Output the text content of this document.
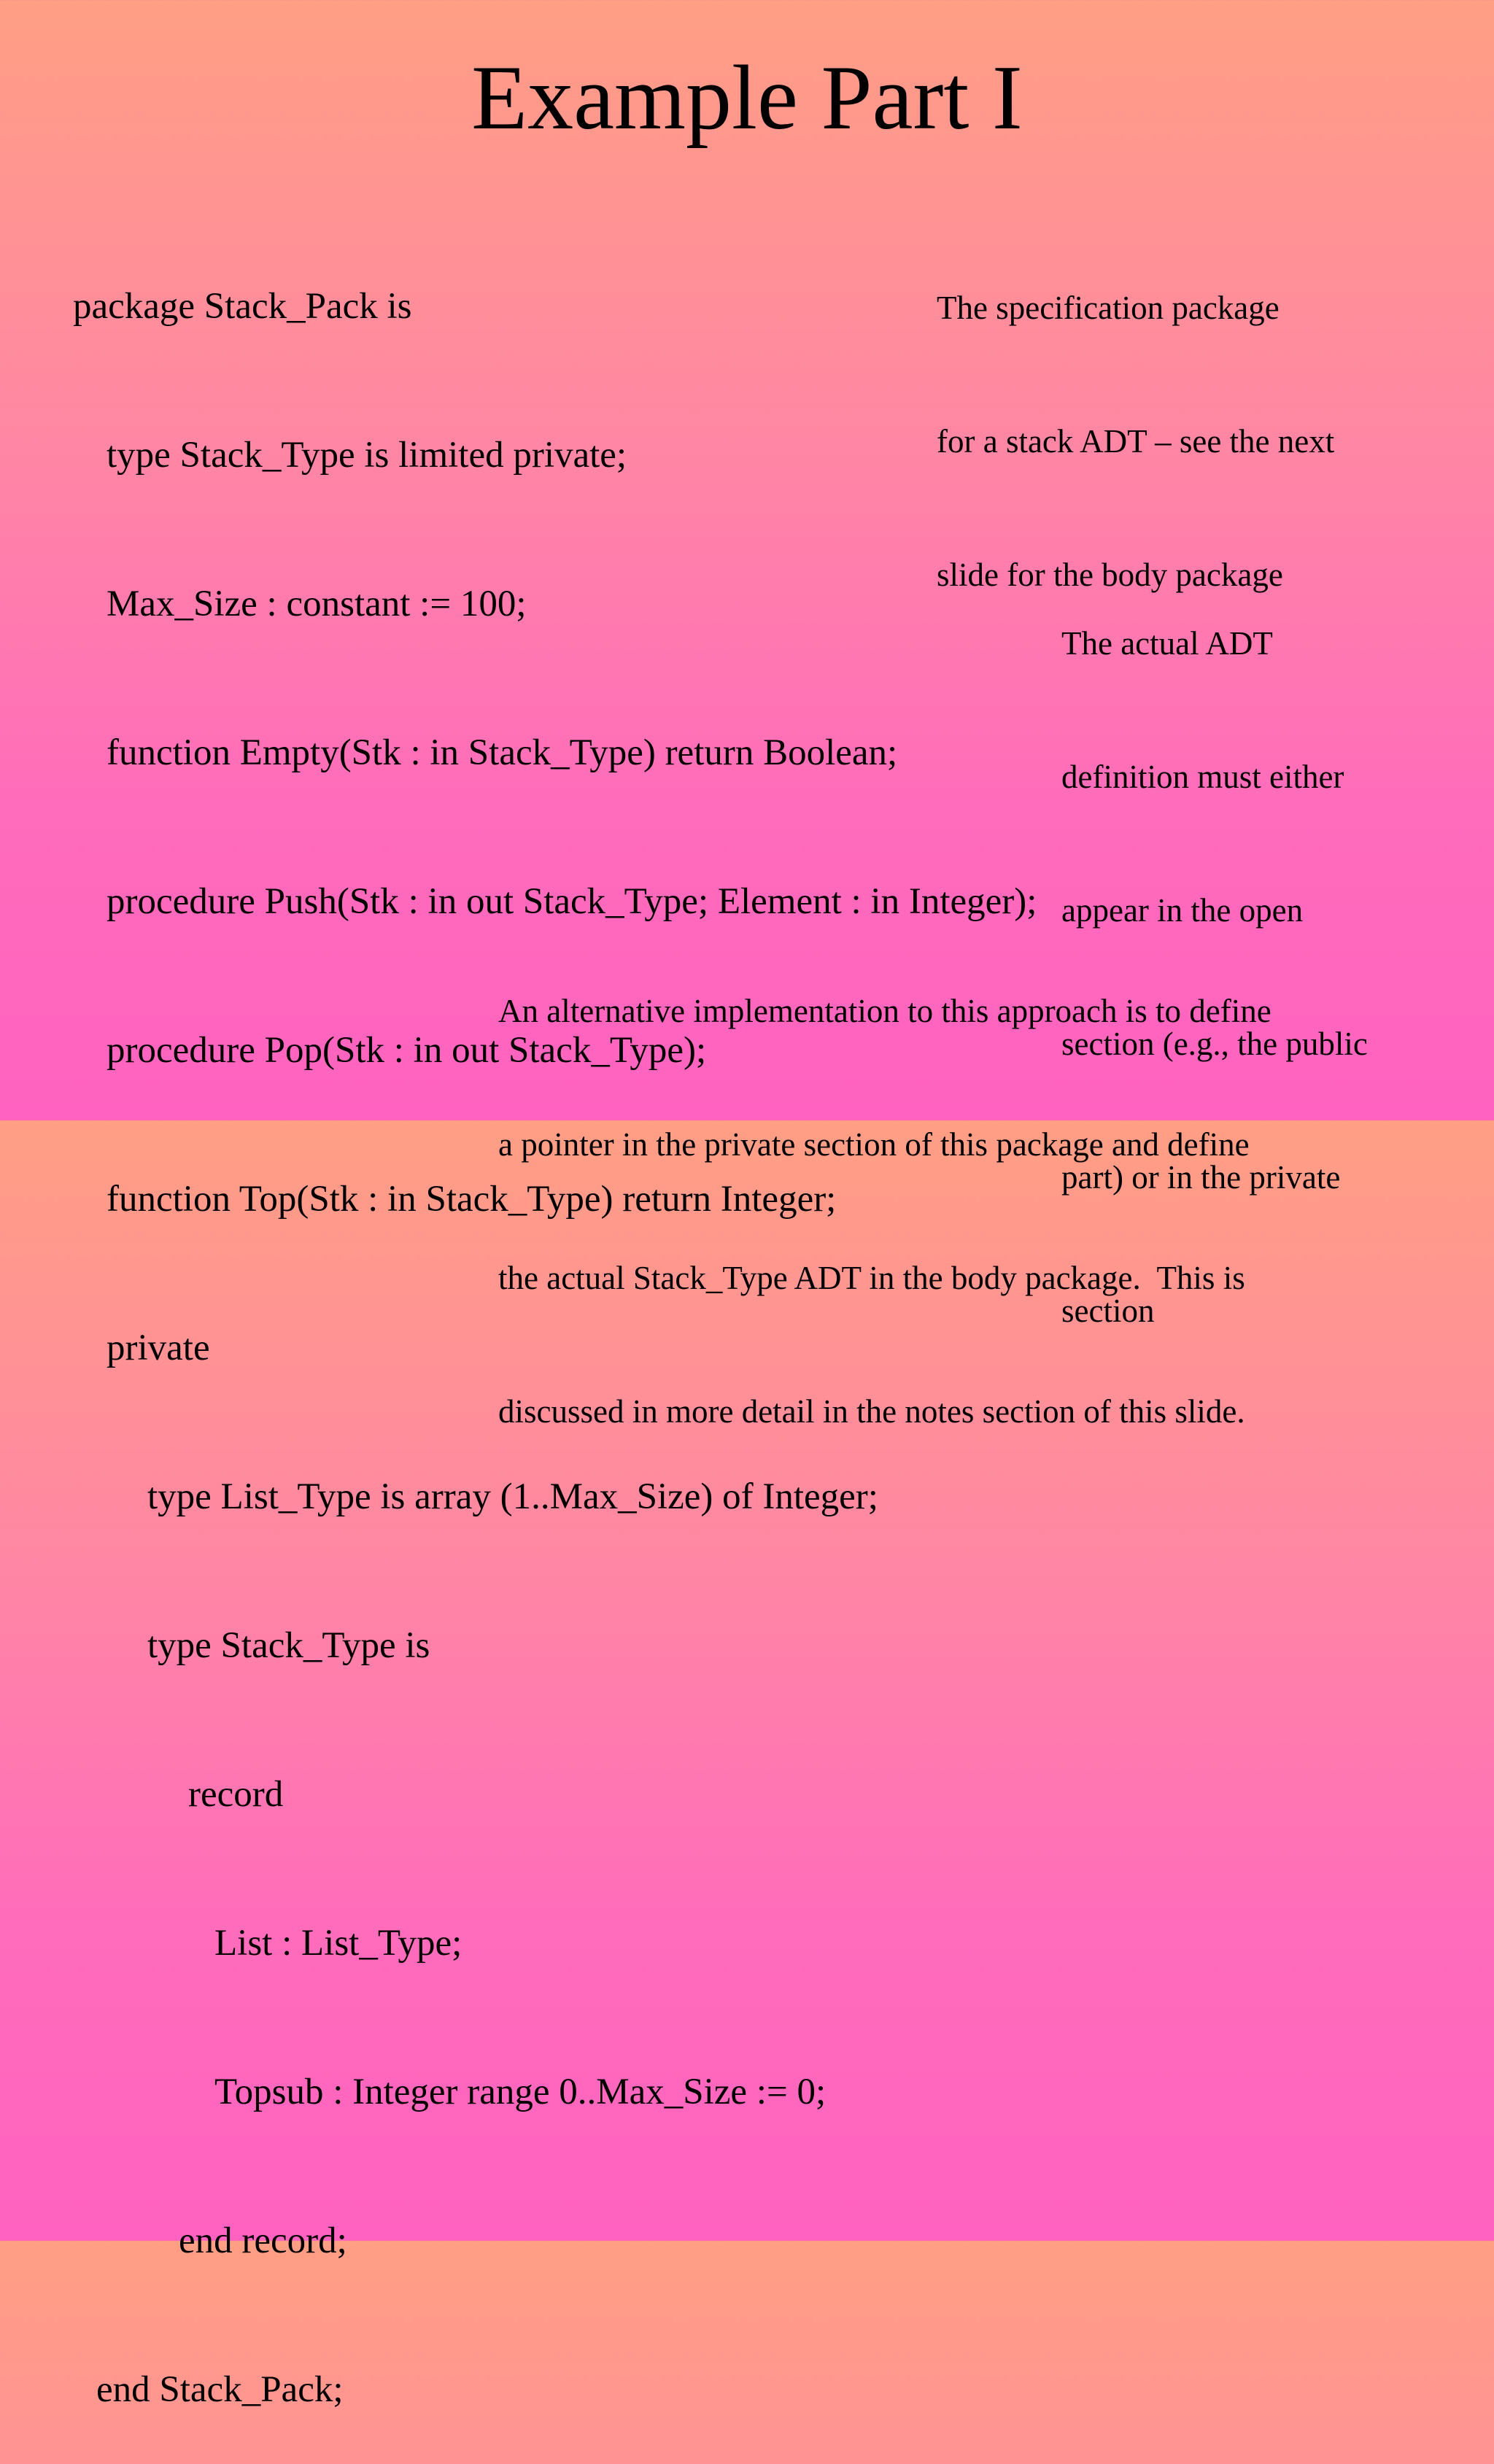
Example Part I

package Stack_Pack is

type Stack_Type is limited private;

Max_Size : constant := 100;

function Empty(Stk : in Stack_Type) return Boolean;

procedure Push(Stk : in out Stack_Type; Element : in Integer);

procedure Pop(Stk : in out Stack_Type);

function Top(Stk : in Stack_Type) return Integer;

private

type List_Type is array (1..Max_Size) of Integer;

type Stack_Type is

record

List : List_Type;

Topsub : Integer range 0..Max_Size := 0;

end record;

end Stack_Pack;

The specification package

for a stack ADT – see the next

slide for the body package

The actual ADT

definition must either

appear in the open

section (e.g., the public

part) or in the private

section

An alternative implementation to this approach is to define

a pointer in the private section of this package and define

the actual Stack_Type ADT in the body package.  This is

discussed in more detail in the notes section of this slide.
